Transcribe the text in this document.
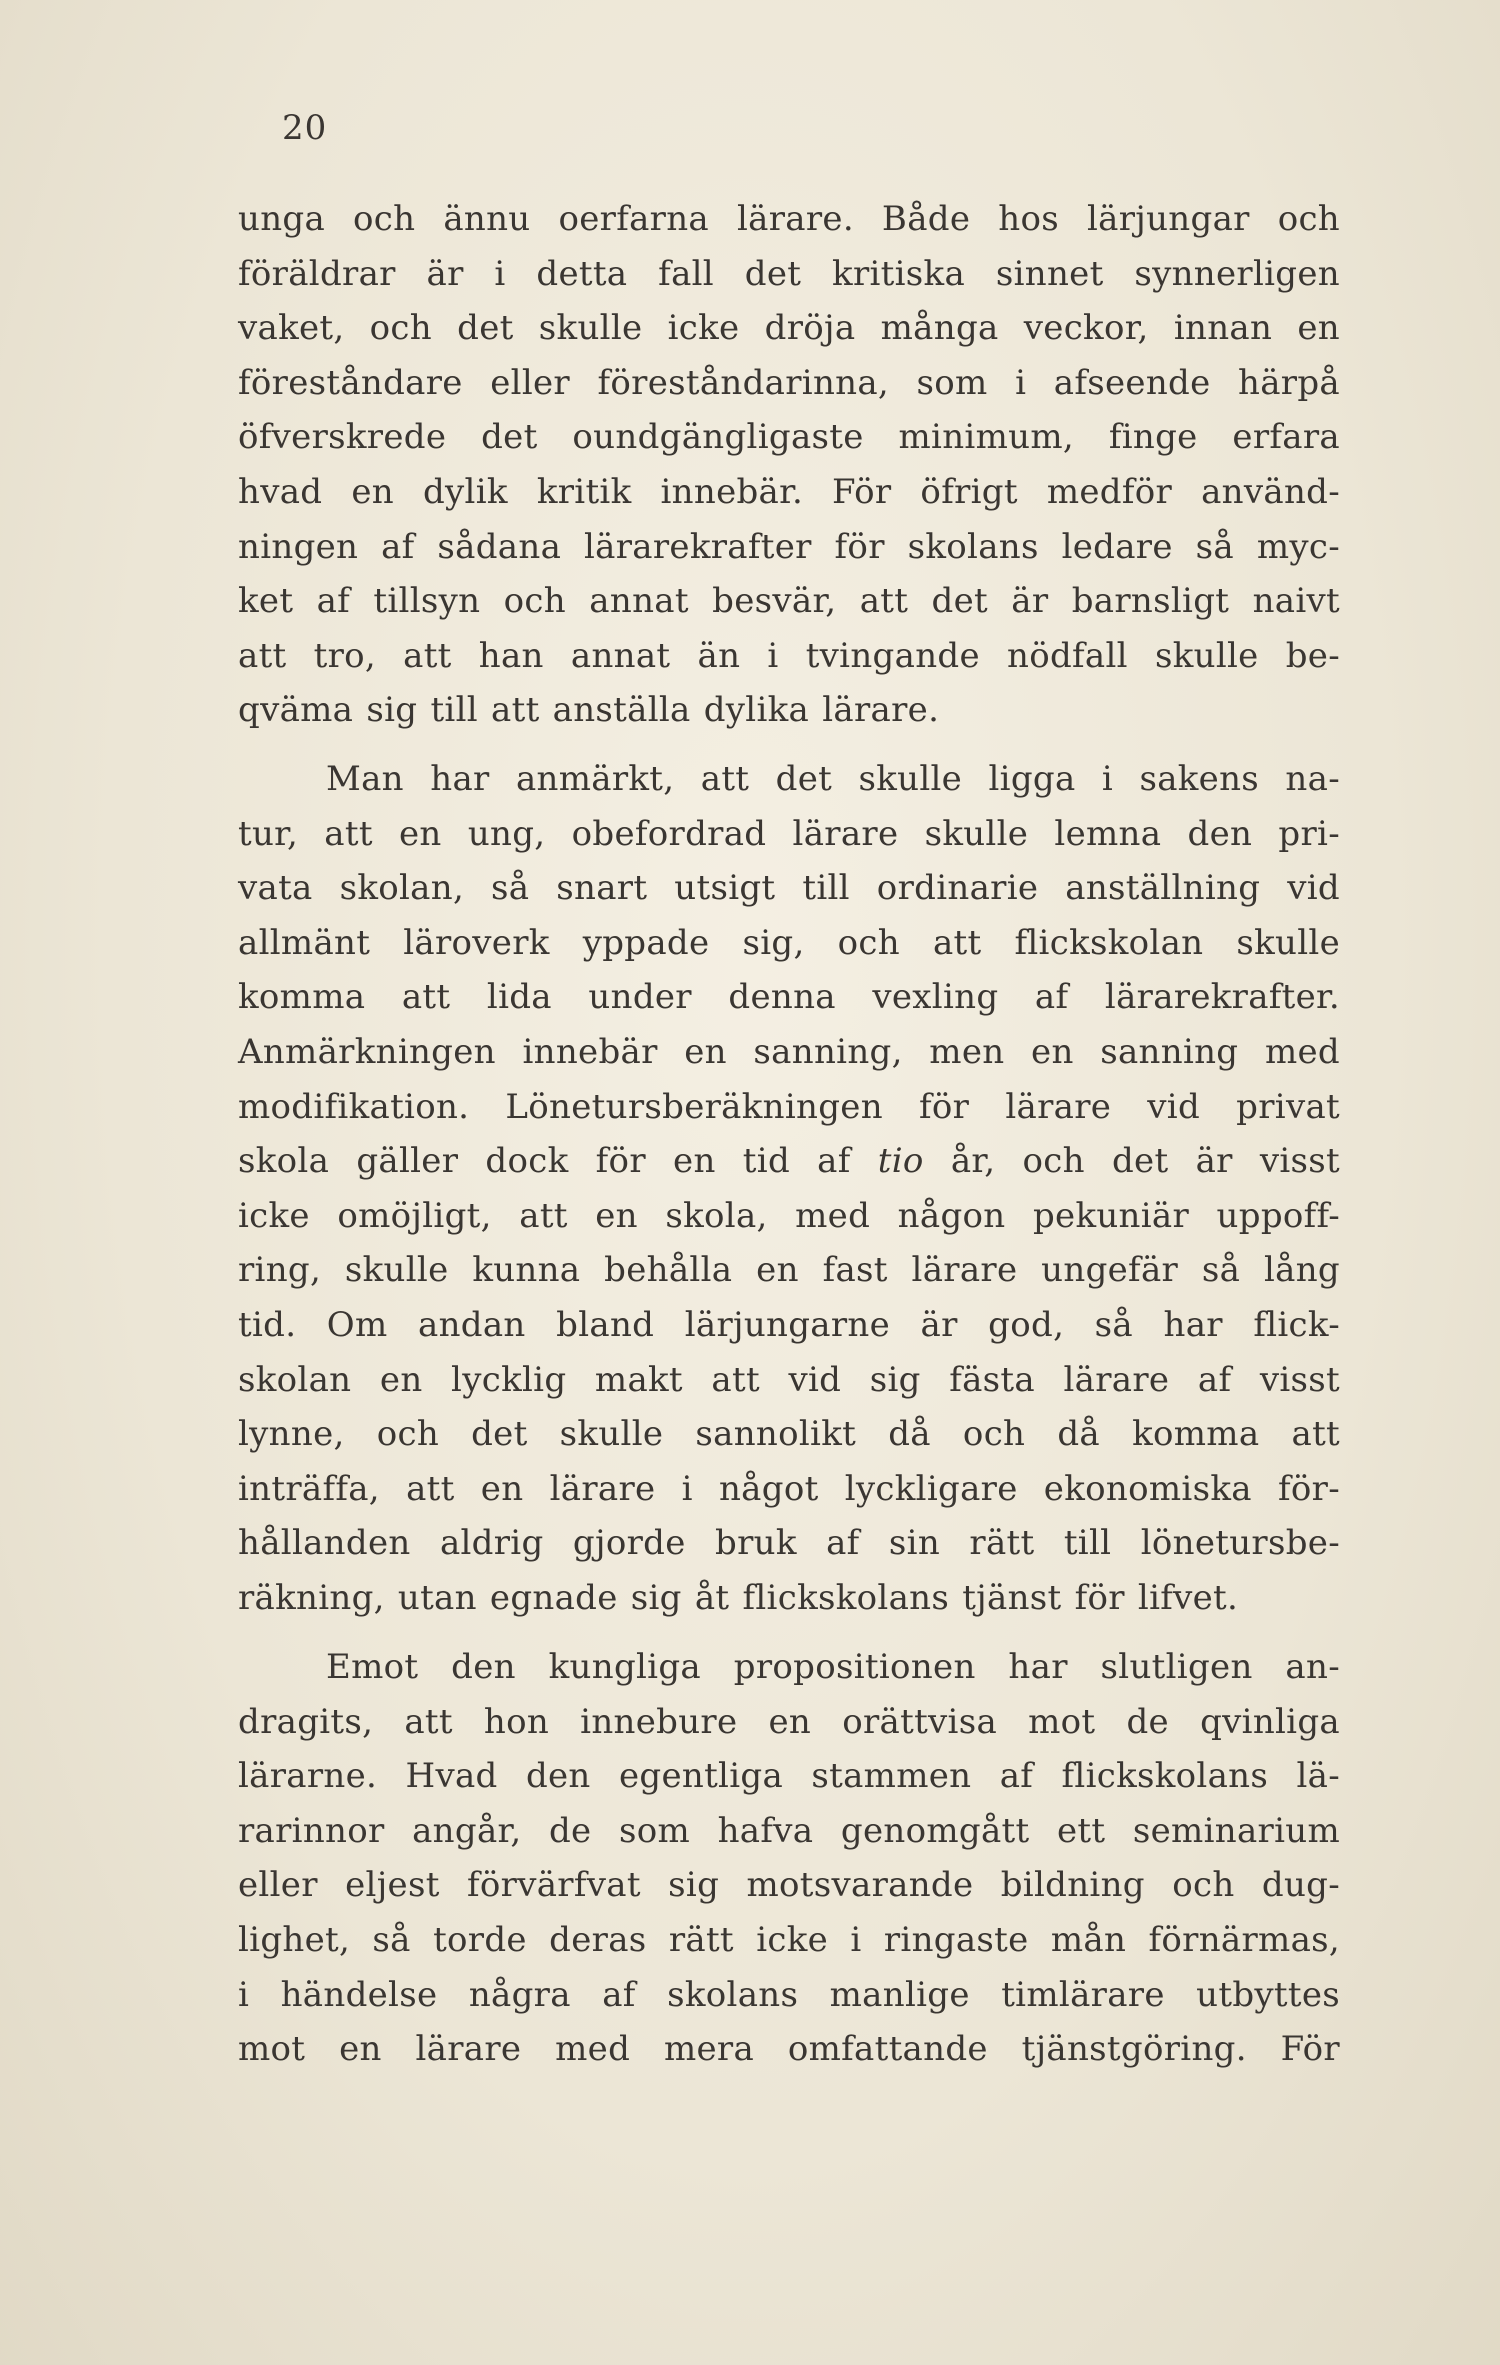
20
unga och ännu oerfarna lärare. Både hos lärjungar och
föräldrar är i detta fall det kritiska sinnet synnerligen
vaket, och det skulle icke dröja många veckor, innan en
föreståndare eller föreståndarinna, som i afseende härpå
öfverskrede det oundgängligaste minimum, finge erfara
hvad en dylik kritik innebär. För öfrigt medför använd-
ningen af sådana lärarekrafter för skolans ledare så myc-
ket af tillsyn och annat besvär, att det är barnsligt naivt
att tro, att han annat än i tvingande nödfall skulle be-
qväma sig till att anställa dylika lärare.
Man har anmärkt, att det skulle ligga i sakens na-
tur, att en ung, obefordrad lärare skulle lemna den pri-
vata skolan, så snart utsigt till ordinarie anställning vid
allmänt läroverk yppade sig, och att flickskolan skulle
komma att lida under denna vexling af lärarekrafter.
Anmärkningen innebär en sanning, men en sanning med
modifikation. Lönetursberäkningen för lärare vid privat
skola gäller dock för en tid af tio år, och det är visst
icke omöjligt, att en skola, med någon pekuniär uppoff-
ring, skulle kunna behålla en fast lärare ungefär så lång
tid. Om andan bland lärjungarne är god, så har flick-
skolan en lycklig makt att vid sig fästa lärare af visst
lynne, och det skulle sannolikt då och då komma att
inträffa, att en lärare i något lyckligare ekonomiska för-
hållanden aldrig gjorde bruk af sin rätt till lönetursbe-
räkning, utan egnade sig åt flickskolans tjänst för lifvet.
Emot den kungliga propositionen har slutligen an-
dragits, att hon innebure en orättvisa mot de qvinliga
lärarne. Hvad den egentliga stammen af flickskolans lä-
rarinnor angår, de som hafva genomgått ett seminarium
eller eljest förvärfvat sig motsvarande bildning och dug-
lighet, så torde deras rätt icke i ringaste mån förnärmas,
i händelse några af skolans manlige timlärare utbyttes
mot en lärare med mera omfattande tjänstgöring. För
